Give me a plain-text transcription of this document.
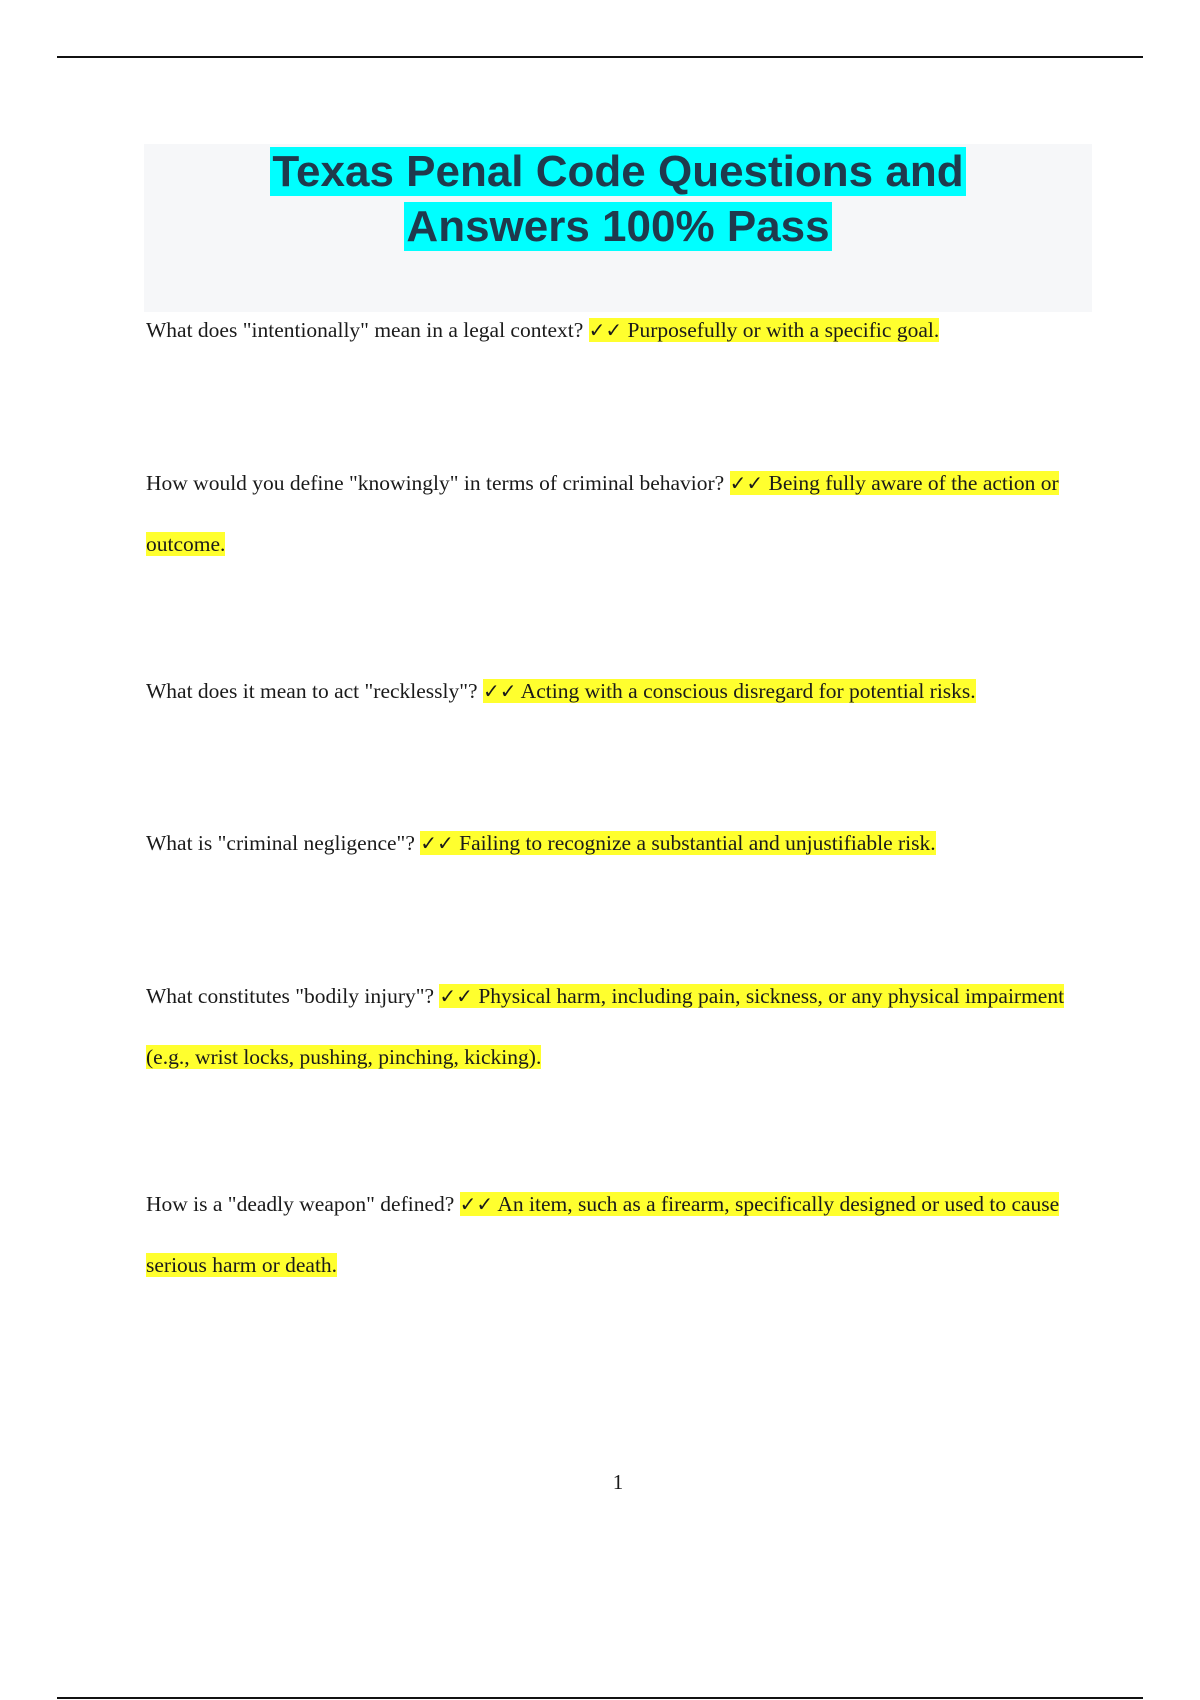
Texas Penal Code Questions and
Answers 100% Pass

What does "intentionally" mean in a legal context? ✓✓ Purposefully or with a specific goal.

How would you define "knowingly" in terms of criminal behavior? ✓✓ Being fully aware of the action or outcome.

What does it mean to act "recklessly"? ✓✓ Acting with a conscious disregard for potential risks.

What is "criminal negligence"? ✓✓ Failing to recognize a substantial and unjustifiable risk.

What constitutes "bodily injury"? ✓✓ Physical harm, including pain, sickness, or any physical impairment (e.g., wrist locks, pushing, pinching, kicking).

How is a "deadly weapon" defined? ✓✓ An item, such as a firearm, specifically designed or used to cause serious harm or death.

1
